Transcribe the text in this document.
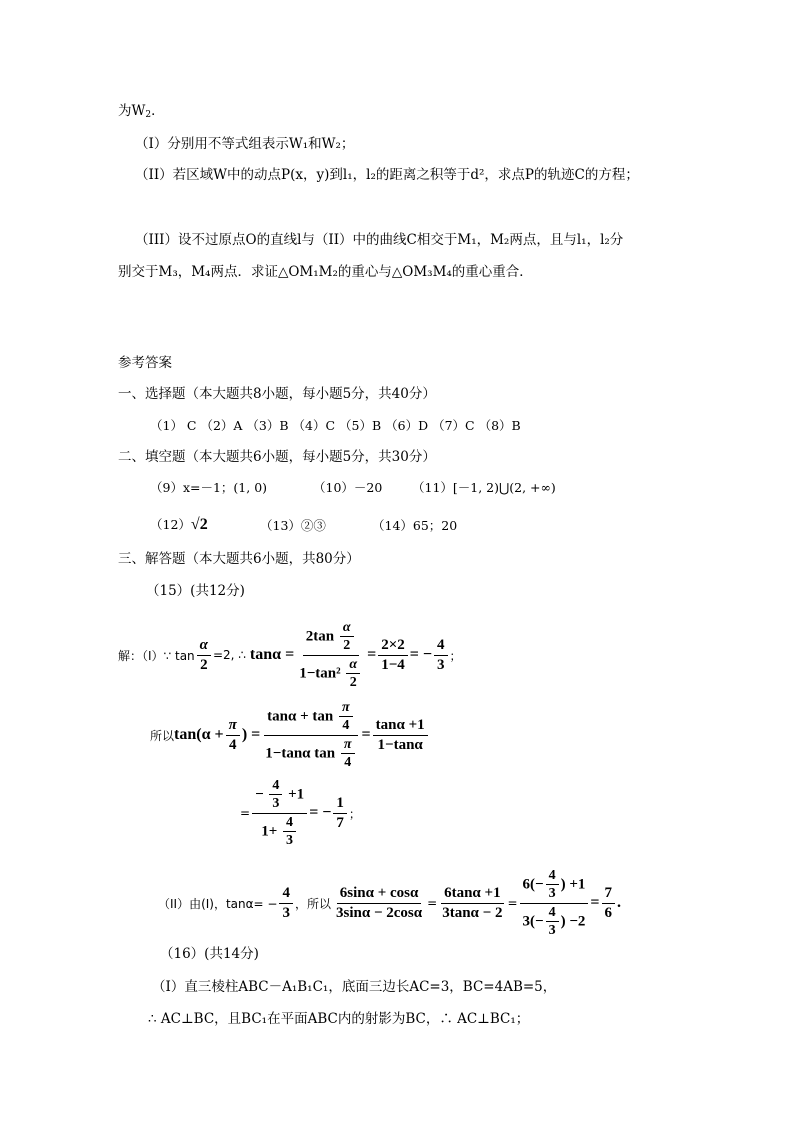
为$W_2$．
（I）分别用不等式组表示W₁和W₂；
（II）若区域W中的动点P(x，y)到l₁，l₂的距离之积等于d²，求点P的轨迹C的方程；
（III）设不过原点O的直线l与（II）中的曲线C相交于M₁，M₂两点，且与l₁，l₂分
别交于M₃，M₄两点．求证△OM₁M₂的重心与△OM₃M₄的重心重合．
参考答案
一、选择题（本大题共8小题，每小题5分，共40分）
（1） C （2）A （3）B （4）C （5）B （6）D （7）C （8）B
二、填空题（本大题共6小题，每小题5分，共30分）
（9）x=－1；(1, 0)	（10）－20 （11）[－1, 2)⋃(2, +∞)
（12）√2	（13）②③	（14）65；20
三、解答题（本大题共6小题，共80分）
（15）(共12分)
解：（I）∵ $\tan \frac{\alpha}{2} =2$, ∴ $\tan\alpha = \frac{2\tan \frac{\alpha}{2}}{1-\tan^2 \frac{\alpha}{2}} = \frac{2\times 2}{1-4}$ = − $\frac{4}{3}$ ；
所以 $\tan(\alpha + \frac{\pi}{4}$ ) = $\frac{\tan\alpha + \tan \frac{\pi}{4}}{1-\tan\alpha \tan \frac{\pi}{4}} = \frac{\tan\alpha +1}{1-\tan\alpha}$
= $\frac{- \frac{4}{3} +1}{1+ \frac{4}{3}}$ = − $\frac{1}{7}$ ；
（II）由(I)，$\tan\alpha= - \frac{4}{3}$ ，所以 $\frac{6\sin\alpha + \cos\alpha}{3\sin\alpha - 2\cos\alpha} = \frac{6\tan\alpha +1}{3\tan\alpha - 2} = \frac{6(- \frac{4}{3} ) +1}{3(- \frac{4}{3} ) -2} = \frac{7}{6}$ .
（16）(共14分)
（I）直三棱柱ABC－A₁B₁C₁，底面三边长AC=3，BC=4AB=5，
∴ AC⊥BC，且BC₁在平面ABC内的射影为BC，∴ AC⊥BC₁；
